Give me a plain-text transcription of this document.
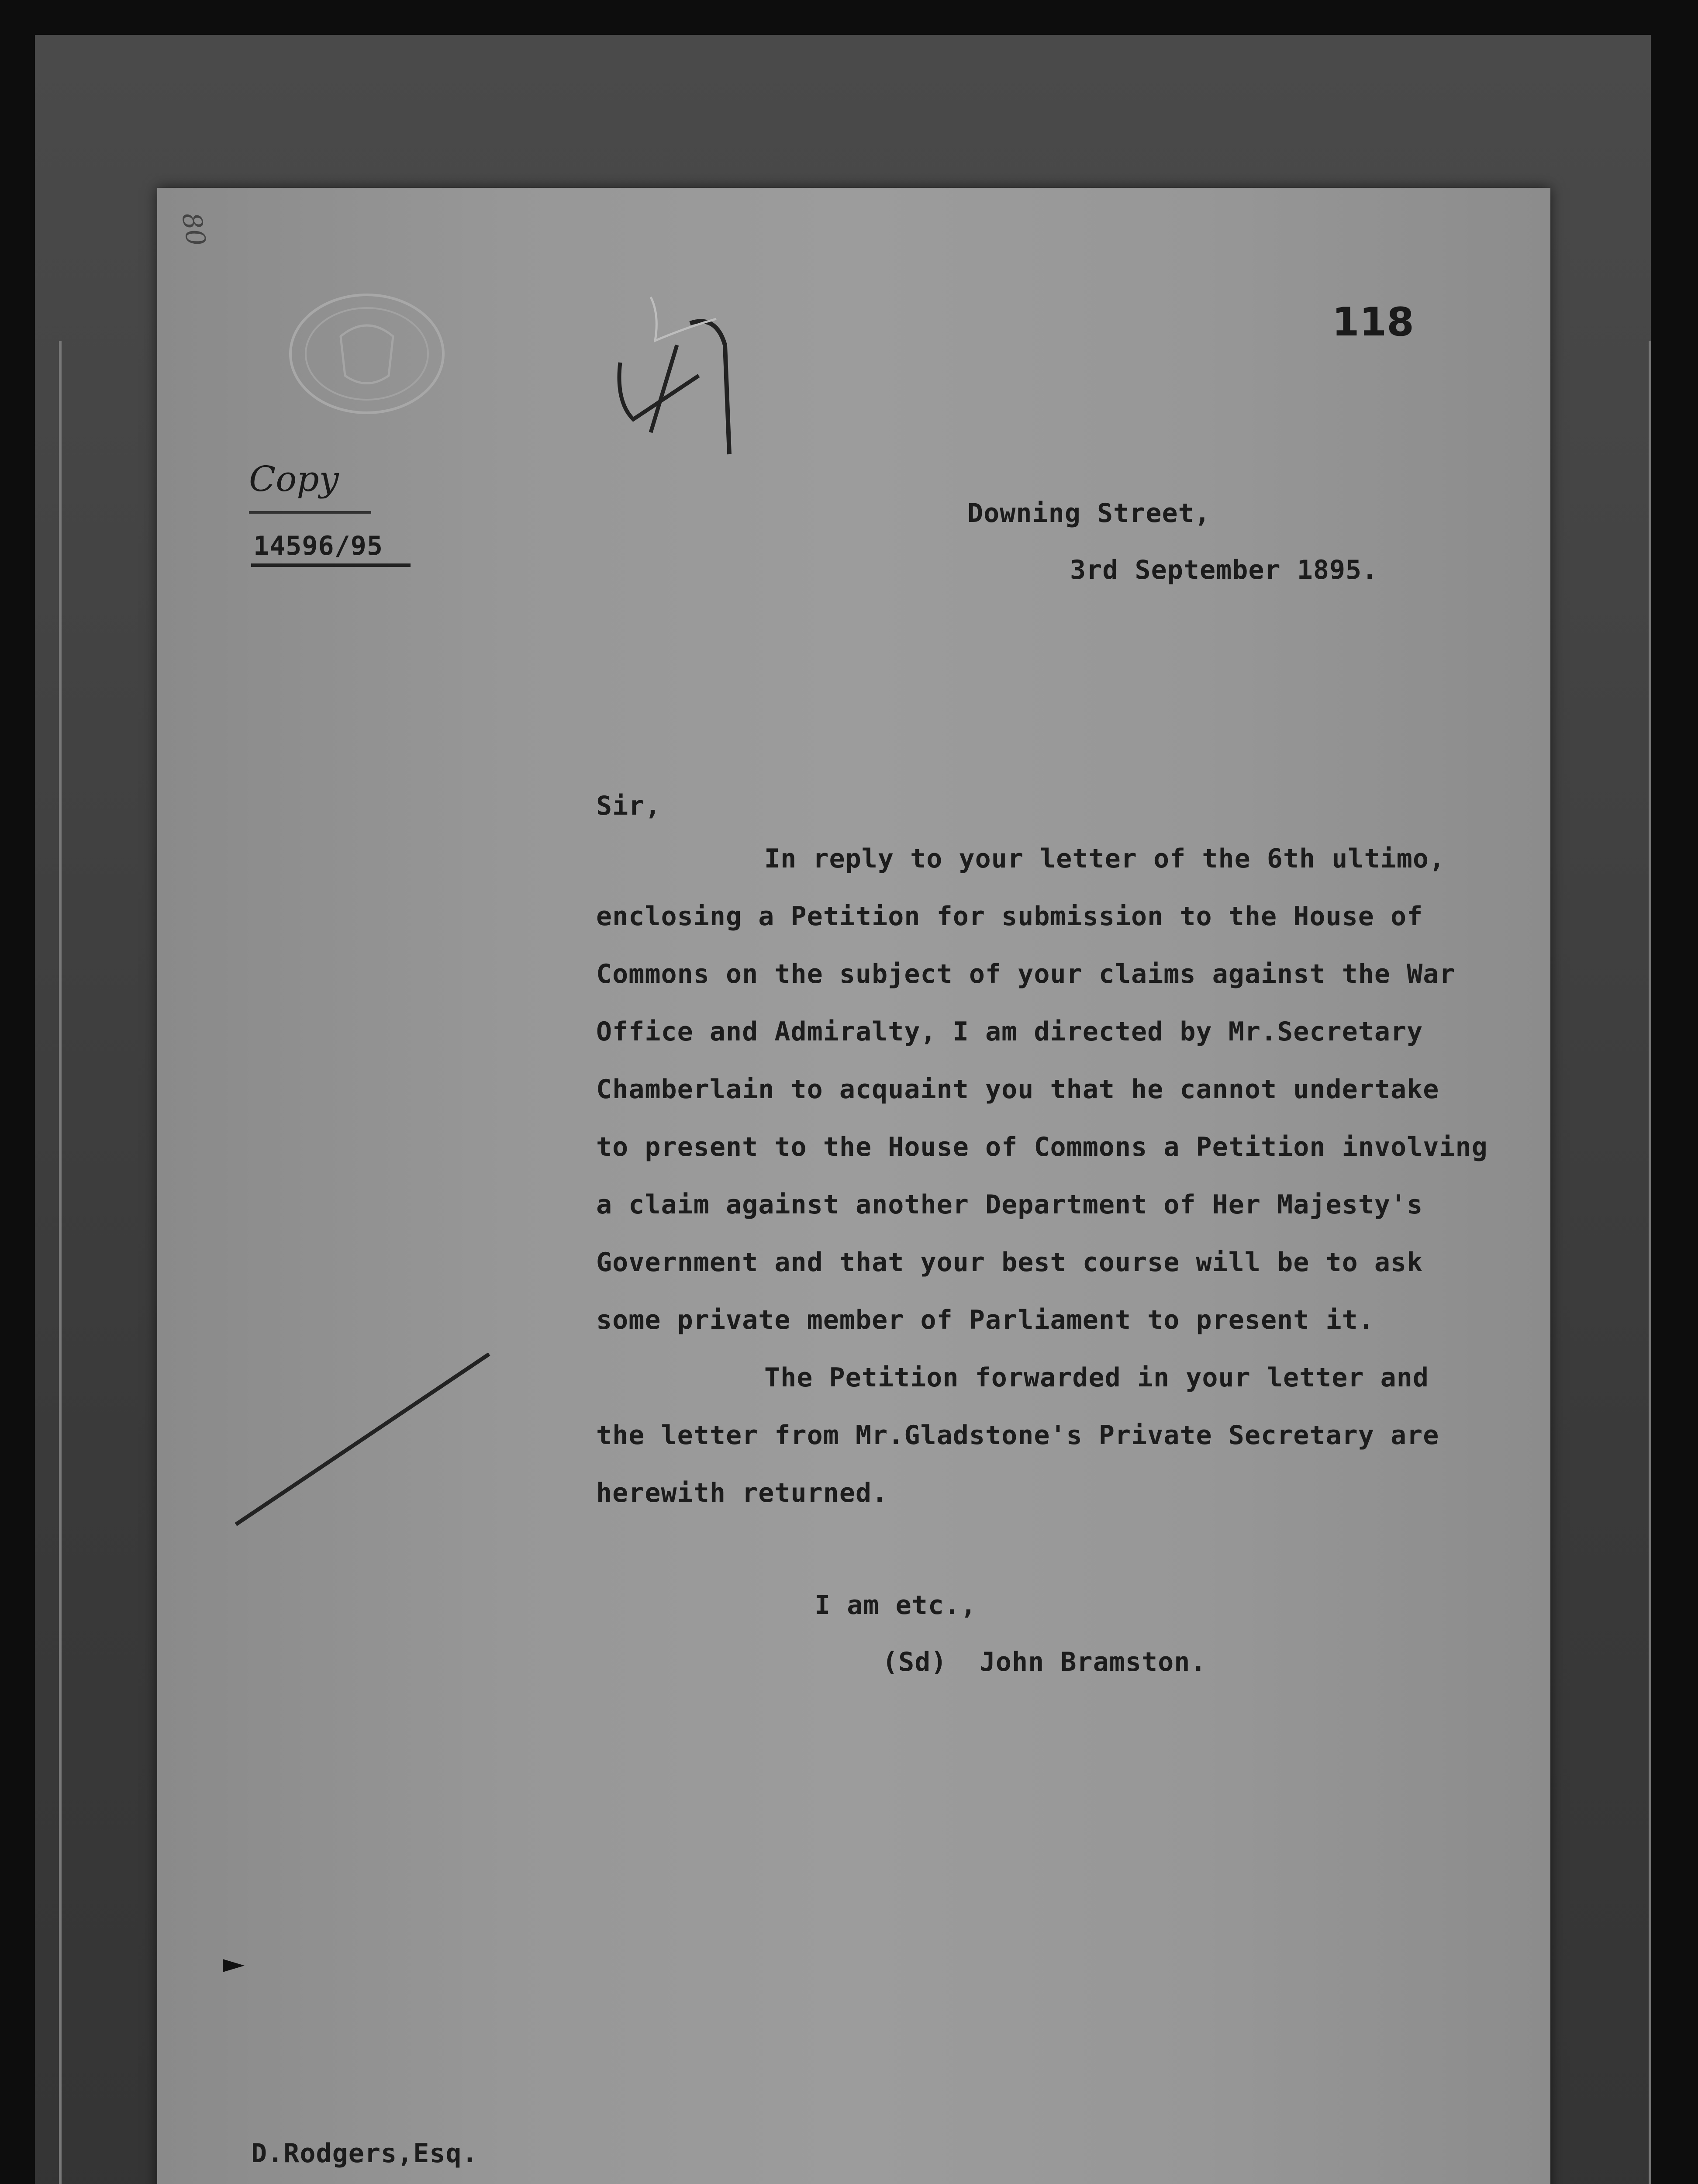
80
118
Copy
14596/95
Downing Street,
3rd September 1895.
Sir,
In reply to your letter of the 6th ultimo,
enclosing a Petition for submission to the House of
Commons on the subject of your claims against the War
Office and Admiralty, I am directed by Mr.Secretary
Chamberlain to acquaint you that he cannot undertake
to present to the House of Commons a Petition involving
a claim against another Department of Her Majesty's
Government and that your best course will be to ask
some private member of Parliament to present it.
The Petition forwarded in your letter and
the letter from Mr.Gladstone's Private Secretary are
herewith returned.
I am etc.,
(Sd)  John Bramston.
D.Rodgers,Esq.
